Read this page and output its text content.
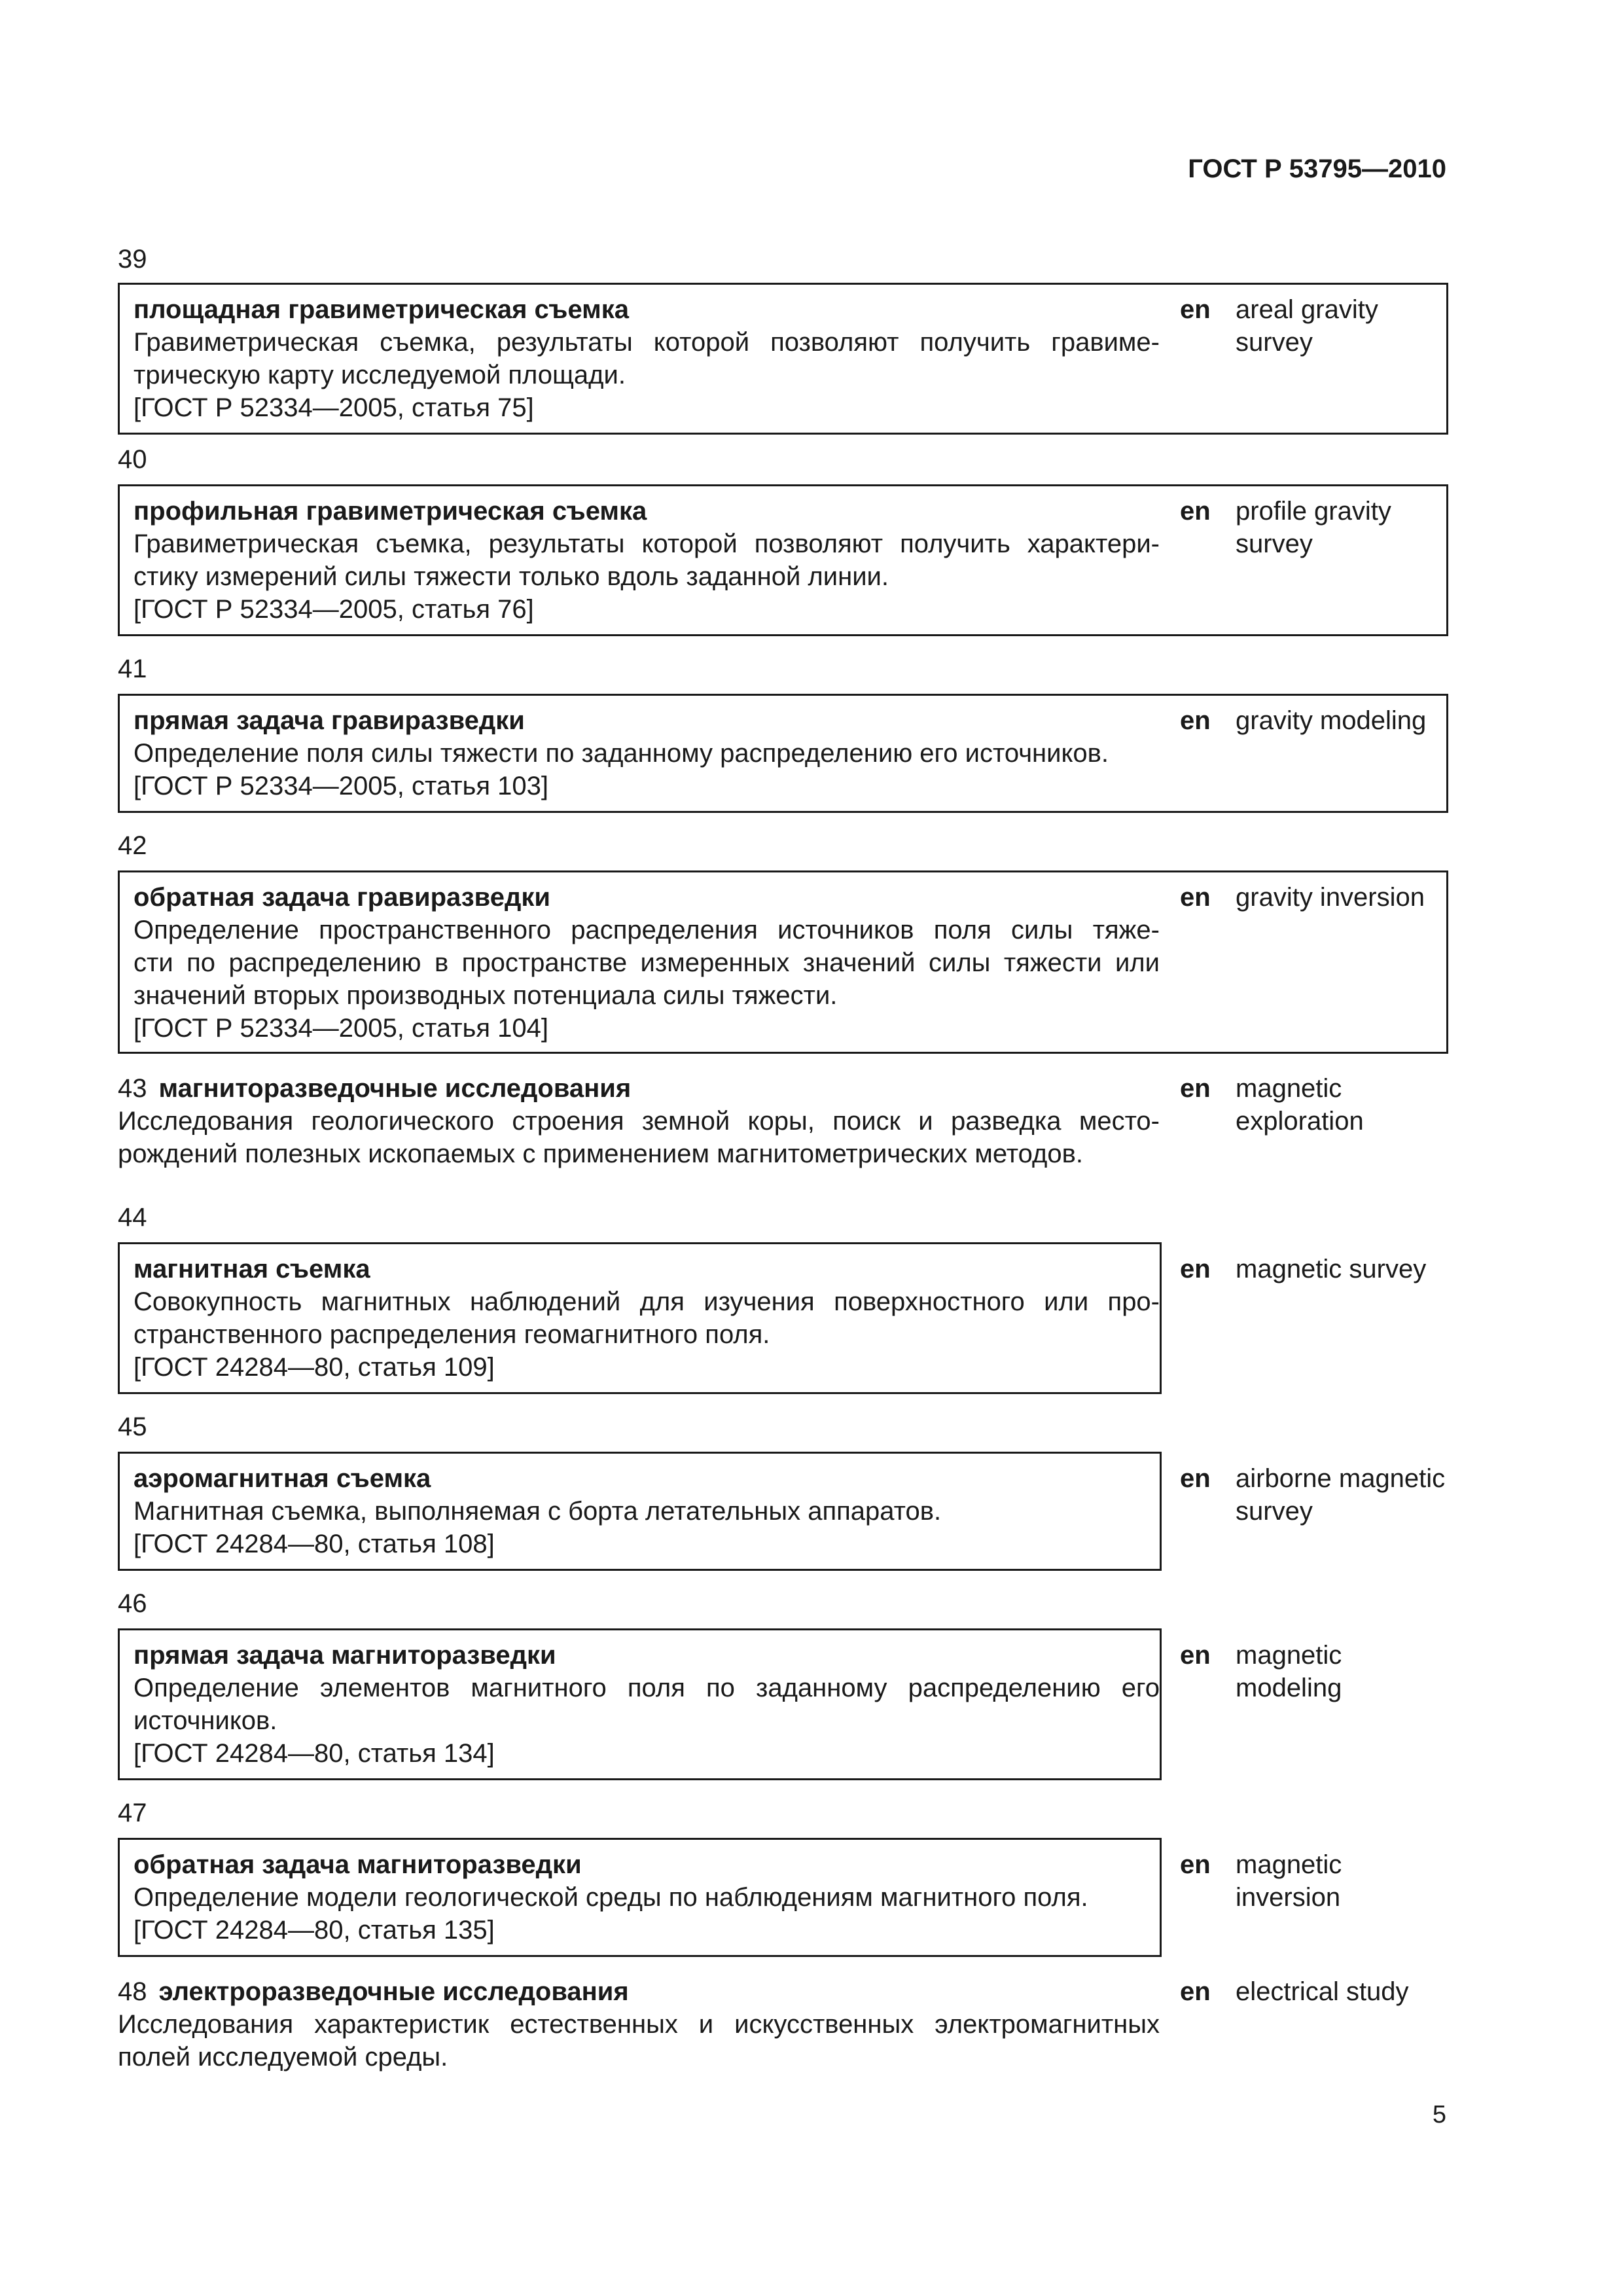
ГОСТ Р 53795—2010
39
площадная гравиметрическая съемка
Гравиметрическая съемка, результаты которой позволяют получить гравиме-
трическую карту исследуемой площади.
[ГОСТ Р 52334—2005, статья 75]
en areal gravity survey
40
профильная гравиметрическая съемка
Гравиметрическая съемка, результаты которой позволяют получить характери-
стику измерений силы тяжести только вдоль заданной линии.
[ГОСТ Р 52334—2005, статья 76]
en profile gravity survey
41
прямая задача гравиразведки
Определение поля силы тяжести по заданному распределению его источников.
[ГОСТ Р 52334—2005, статья 103]
en gravity modeling
42
обратная задача гравиразведки
Определение пространственного распределения источников поля силы тяже-
сти по распределению в пространстве измеренных значений силы тяжести или
значений вторых производных потенциала силы тяжести.
[ГОСТ Р 52334—2005, статья 104]
en gravity inversion
43 магниторазведочные исследования
Исследования геологического строения земной коры, поиск и разведка место-
рождений полезных ископаемых с применением магнитометрических методов.
en magnetic exploration
44
магнитная съемка
Совокупность магнитных наблюдений для изучения поверхностного или про-
странственного распределения геомагнитного поля.
[ГОСТ 24284—80, статья 109]
en magnetic survey
45
аэромагнитная съемка
Магнитная съемка, выполняемая с борта летательных аппаратов.
[ГОСТ 24284—80, статья 108]
en airborne magnetic survey
46
прямая задача магниторазведки
Определение элементов магнитного поля по заданному распределению его
источников.
[ГОСТ 24284—80, статья 134]
en magnetic modeling
47
обратная задача магниторазведки
Определение модели геологической среды по наблюдениям магнитного поля.
[ГОСТ 24284—80, статья 135]
en magnetic inversion
48 электроразведочные исследования
Исследования характеристик естественных и искусственных электромагнитных
полей исследуемой среды.
en electrical study
5
